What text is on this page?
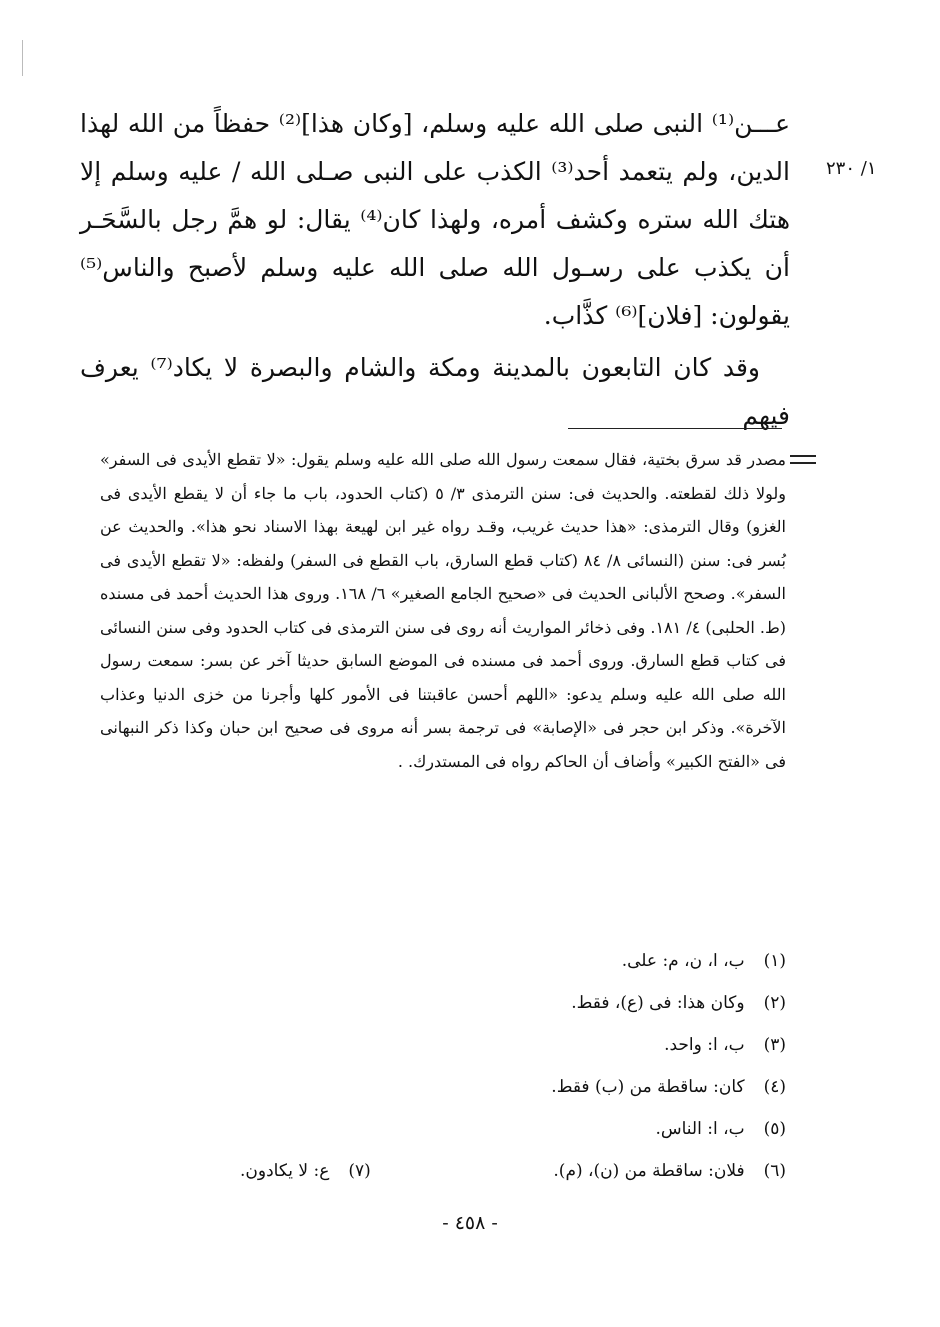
عـــن⁽¹⁾ النبى صلى الله عليه وسلم، [وكان هذا]⁽²⁾ حفظاً من الله لهذا الدين، ولم يتعمد أحد⁽³⁾ الكذب على النبى صـلى الله / عليه وسلم إلا هتك الله ستره وكشف أمره، ولهذا كان⁽⁴⁾ يقال: لو همَّ رجل بالسَّحَـر أن يكذب على رسـول الله صلى الله عليه وسلم لأصبح والناس⁽⁵⁾ يقولون: [فلان]⁽⁶⁾ كذَّاب.

وقد كان التابعون بالمدينة ومكة والشام والبصرة لا يكاد⁽⁷⁾ يعرف فيهم

١/ ٢٣٠

مصدر قد سرق بختية، فقال سمعت رسول الله صلى الله عليه وسلم يقول: «لا تقطع الأيدى فى السفر» ولولا ذلك لقطعته. والحديث فى: سنن الترمذى ٣/ ٥ (كتاب الحدود، باب ما جاء أن لا يقطع الأيدى فى الغزو) وقال الترمذى: «هذا حديث غريب، وقـد رواه غير ابن لهيعة بهذا الاسناد نحو هذا». والحديث عن بُسر فى: سنن (النسائى ٨/ ٨٤ (كتاب قطع السارق، باب القطع فى السفر) ولفظه: «لا تقطع الأيدى فى السفر». وصحح الألبانى الحديث فى «صحيح الجامع الصغير» ٦/ ١٦٨. وروى هذا الحديث أحمد فى مسنده (ط. الحلبى) ٤/ ١٨١. وفى ذخائر المواريث أنه روى فى سنن الترمذى فى كتاب الحدود وفى سنن النسائى فى كتاب قطع السارق. وروى أحمد فى مسنده فى الموضع السابق حديثا آخر عن بسر: سمعت رسول الله صلى الله عليه وسلم يدعو: «اللهم أحسن عاقبتنا فى الأمور كلها وأجرنا من خزى الدنيا وعذاب الآخرة». وذكر ابن حجر فى «الإصابة» فى ترجمة بسر أنه مروى فى صحيح ابن حبان وكذا ذكر النبهانى فى «الفتح الكبير» وأضاف أن الحاكم رواه فى المستدرك. .

(١) ب، ا، ن، م: على.
(٢) وكان هذا: فى (ع)، فقط.
(٣) ب، ا: واحد.
(٤) كان: ساقطة من (ب) فقط.
(٥) ب، ا: الناس.
(٦) فلان: ساقطة من (ن)، (م).
(٧) ع: لا يكادون.
- ٤٥٨ -
